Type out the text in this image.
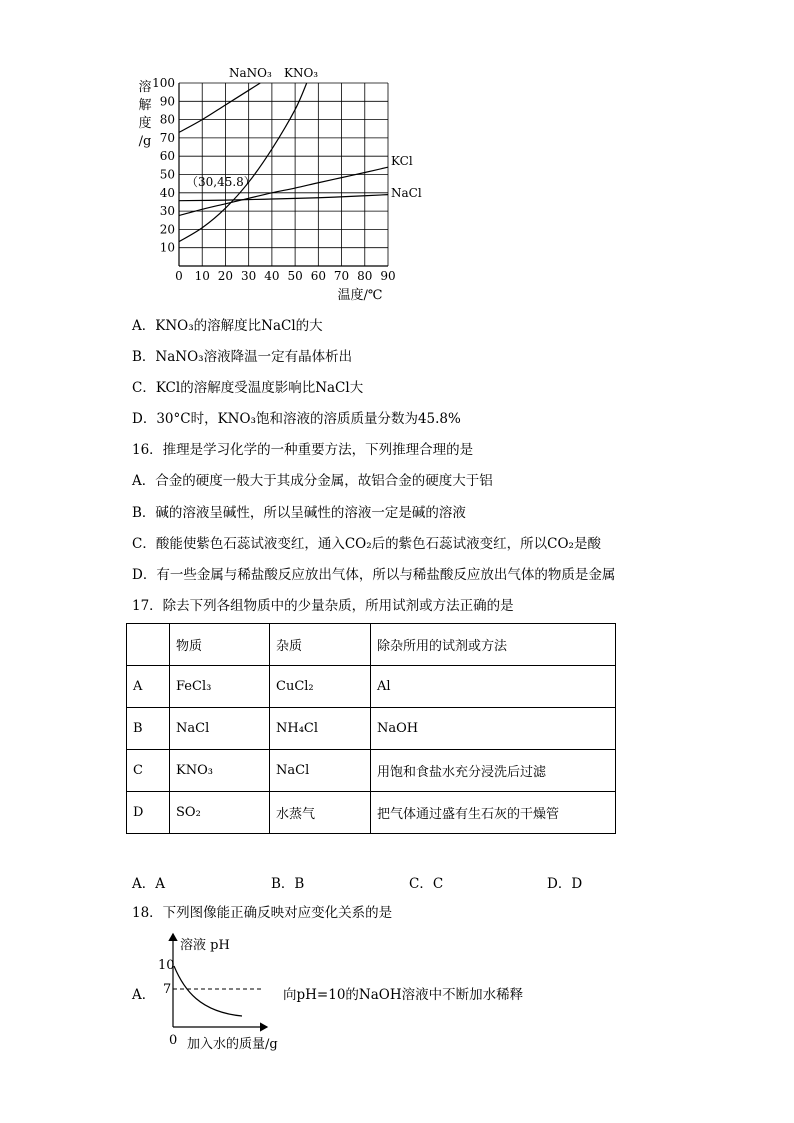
0 10 20 30 40 50 60 70 80 90
10
20
30
40
50
60
70
80
90
100
溶
解
度
/g
温度/℃
NaNO₃ KNO₃
KCl
NaCl
（30,45.8）
A．KNO₃的溶解度比NaCl的大
B．NaNO₃溶液降温一定有晶体析出
C．KCl的溶解度受温度影响比NaCl大
D．30°C时，KNO₃饱和溶液的溶质质量分数为45.8%
16．推理是学习化学的一种重要方法，下列推理合理的是
A．合金的硬度一般大于其成分金属，故铝合金的硬度大于铝
B．碱的溶液呈碱性，所以呈碱性的溶液一定是碱的溶液
C．酸能使紫色石蕊试液变红，通入CO₂后的紫色石蕊试液变红，所以CO₂是酸
D．有一些金属与稀盐酸反应放出气体，所以与稀盐酸反应放出气体的物质是金属
17．除去下列各组物质中的少量杂质，所用试剂或方法正确的是
	物质	杂质	除杂所用的试剂或方法
A	FeCl₃	CuCl₂	Al
B	NaCl	NH₄Cl	NaOH
C	KNO₃	NaCl	用饱和食盐水充分浸洗后过滤
D	SO₂	水蒸气	把气体通过盛有生石灰的干燥管
A．A	B．B	C．C	D．D
18．下列图像能正确反映对应变化关系的是
A．
溶液 pH
10
7
0 加入水的质量/g
向pH=10的NaOH溶液中不断加水稀释
